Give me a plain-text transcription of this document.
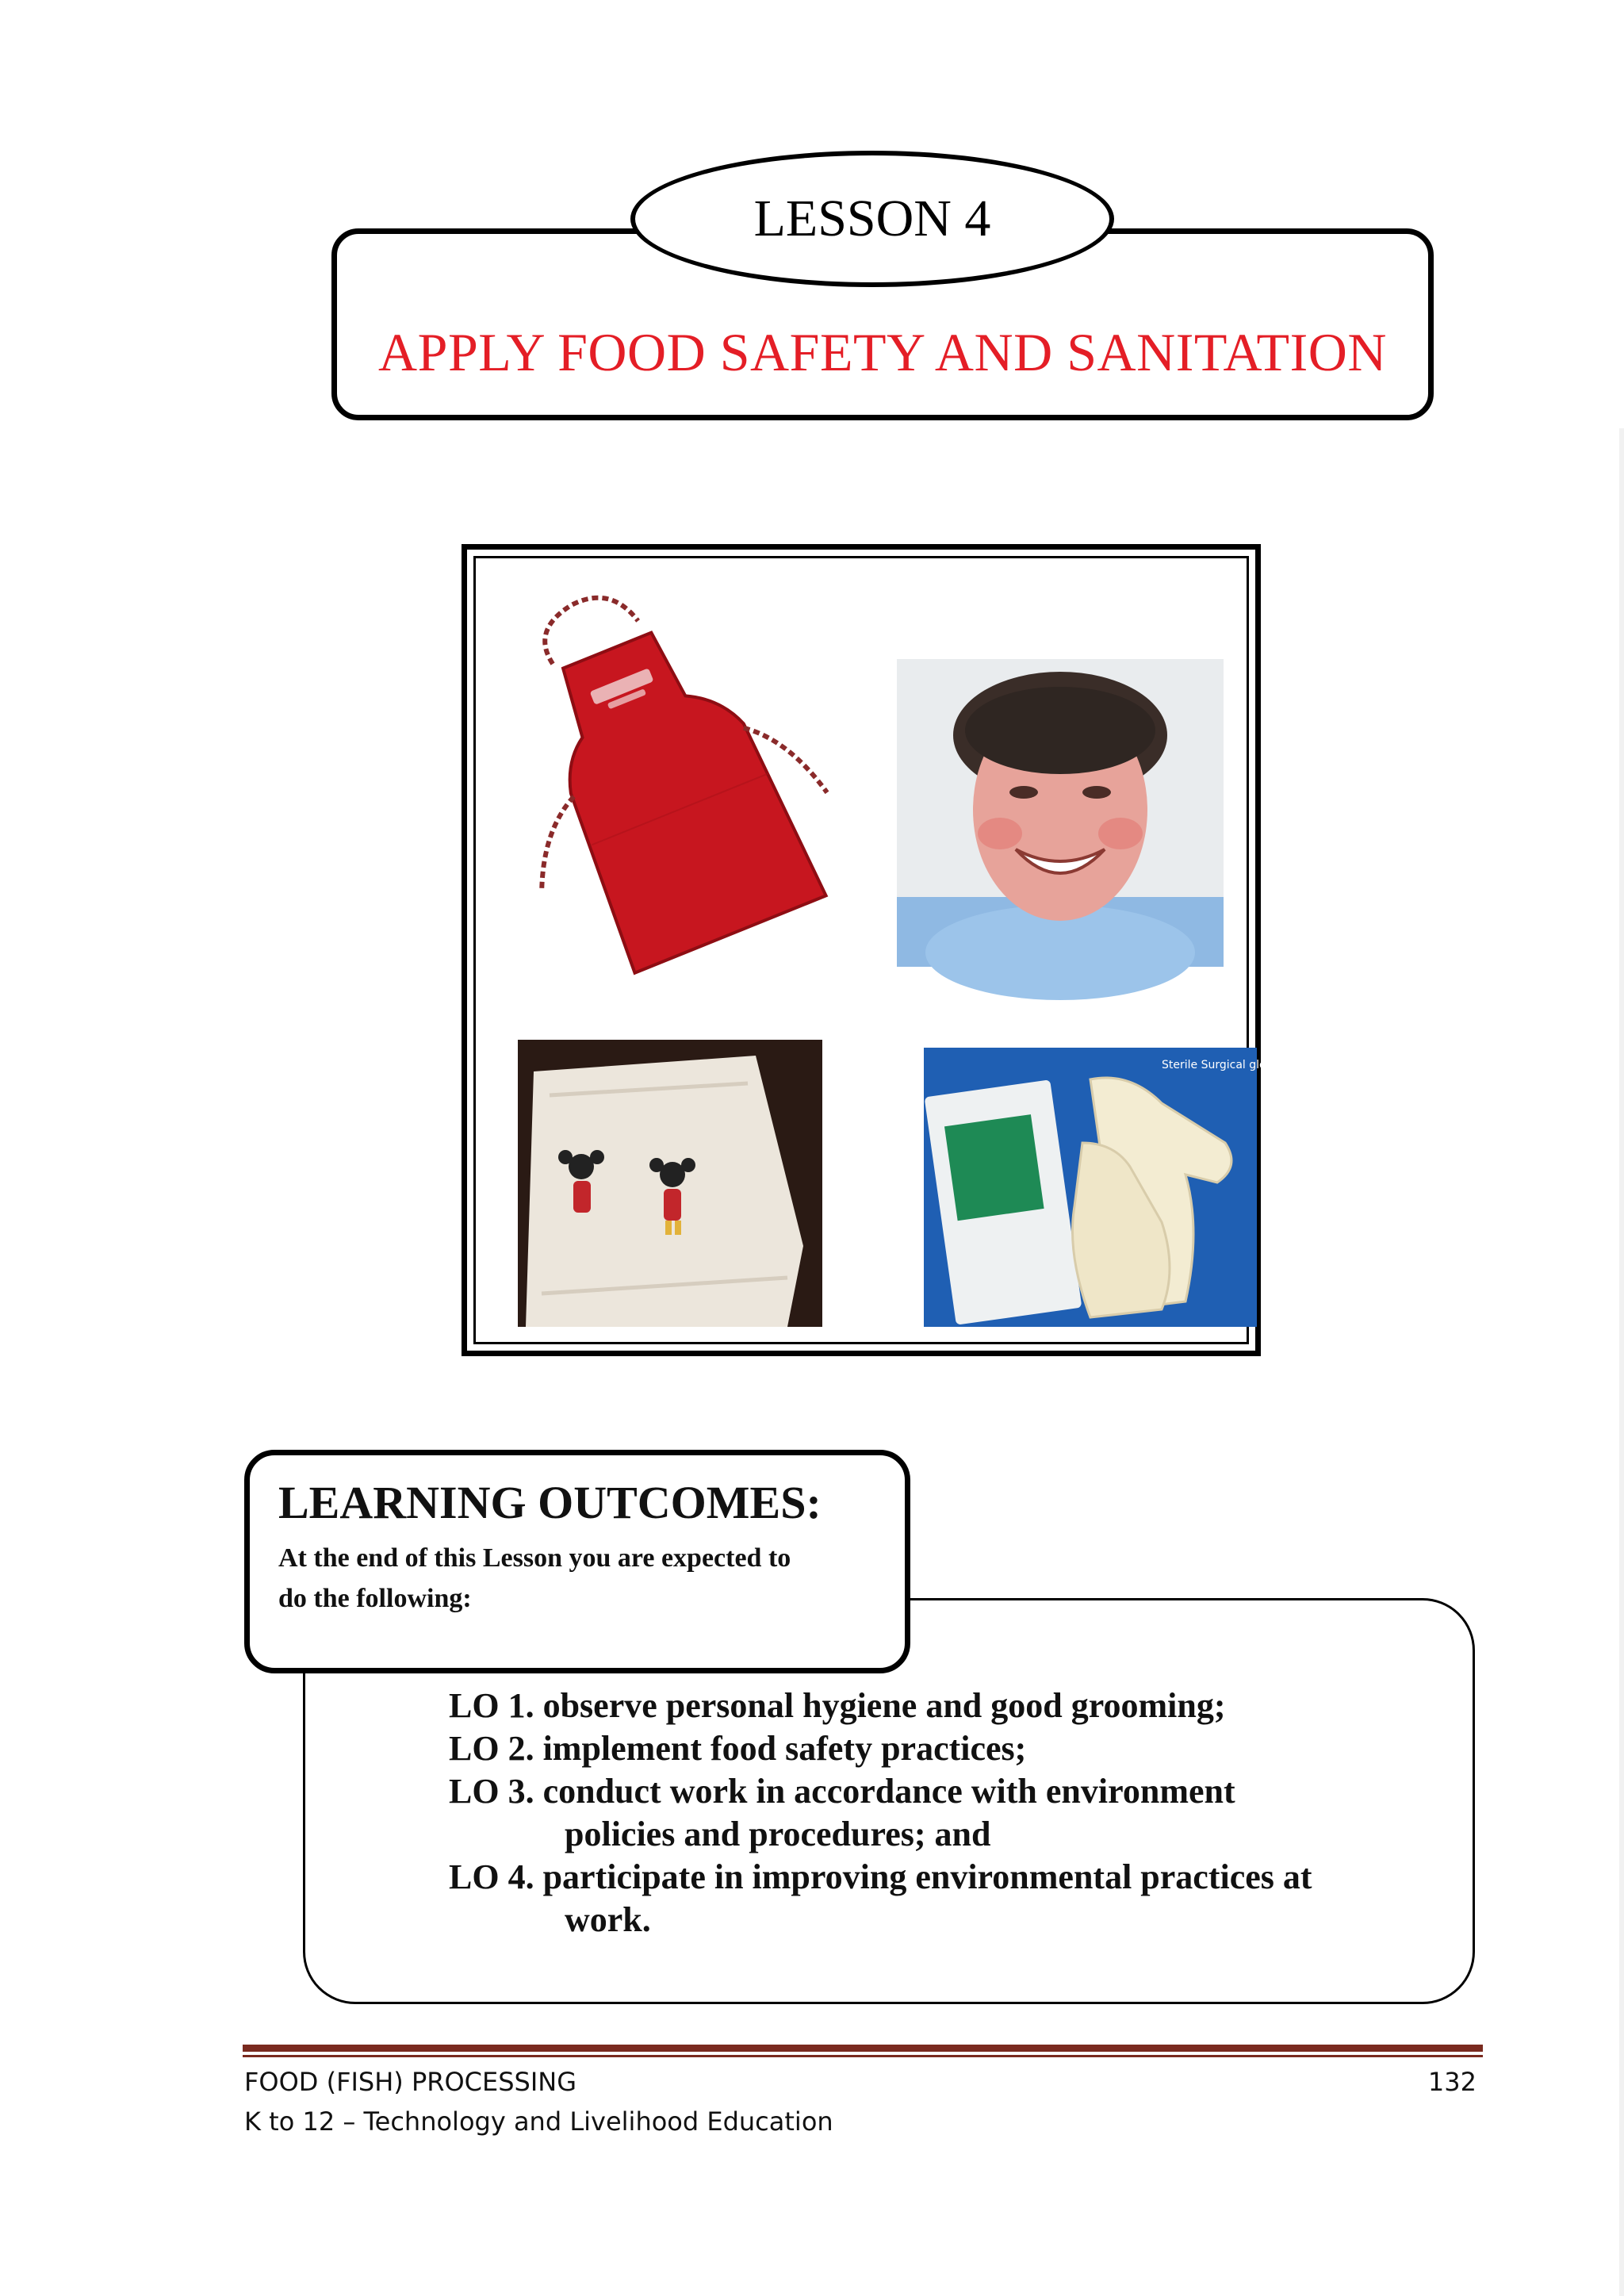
APPLY FOOD SAFETY AND SANITATION
LESSON 4
Sterile Surgical gloves
LEARNING OUTCOMES:
At the end of this Lesson you are expected to
do the following:
LO 1. observe personal hygiene and good grooming;
LO 2. implement food safety practices;
LO 3. conduct work in accordance with environment
policies and procedures; and
LO 4. participate in improving environmental practices at
work.
FOOD (FISH) PROCESSING
K to 12 – Technology and Livelihood Education
132
